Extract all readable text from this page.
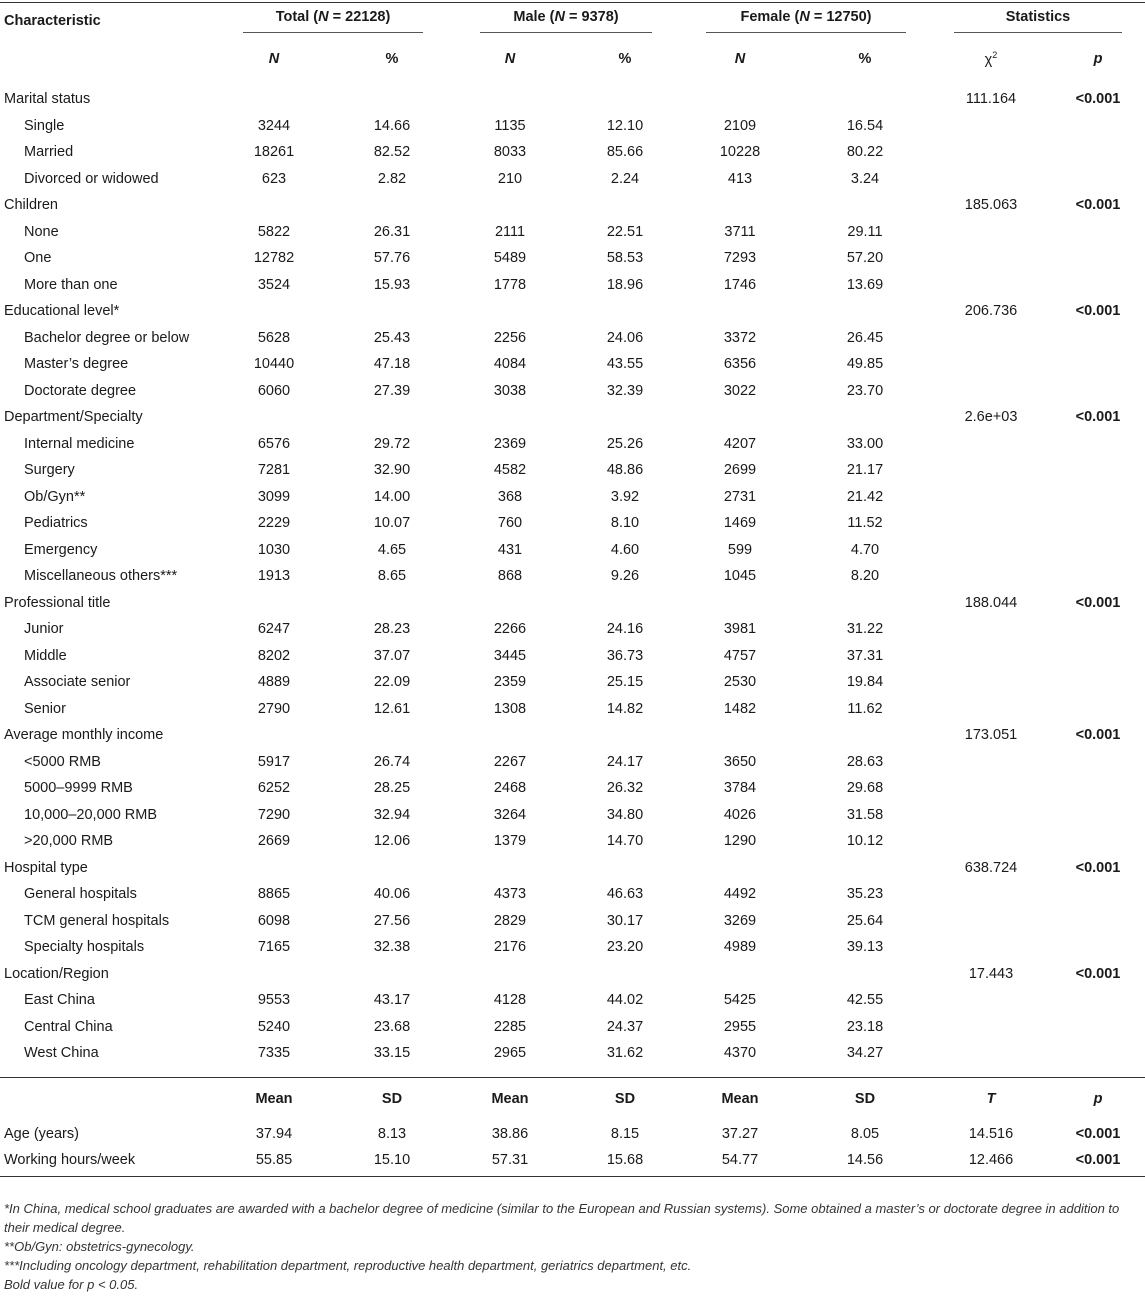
Characteristic	Total (N = 22128)		Male (N = 9378)		Female (N = 12750)		Statistics	
	N	%	N	%	N	%	$\chi^2$	p

Marital status							111.164	<0.001
Single	3244	14.66	1135	12.10	2109	16.54		
Married	18261	82.52	8033	85.66	10228	80.22		
Divorced or widowed	623	2.82	210	2.24	413	3.24		
Children							185.063	<0.001
None	5822	26.31	2111	22.51	3711	29.11		
One	12782	57.76	5489	58.53	7293	57.20		
More than one	3524	15.93	1778	18.96	1746	13.69		
Educational level*							206.736	<0.001
Bachelor degree or below	5628	25.43	2256	24.06	3372	26.45		
Master’s degree	10440	47.18	4084	43.55	6356	49.85		
Doctorate degree	6060	27.39	3038	32.39	3022	23.70		
Department/Specialty							2.6e+03	<0.001
Internal medicine	6576	29.72	2369	25.26	4207	33.00		
Surgery	7281	32.90	4582	48.86	2699	21.17		
Ob/Gyn**	3099	14.00	368	3.92	2731	21.42		
Pediatrics	2229	10.07	760	8.10	1469	11.52		
Emergency	1030	4.65	431	4.60	599	4.70		
Miscellaneous others***	1913	8.65	868	9.26	1045	8.20		
Professional title							188.044	<0.001
Junior	6247	28.23	2266	24.16	3981	31.22		
Middle	8202	37.07	3445	36.73	4757	37.31		
Associate senior	4889	22.09	2359	25.15	2530	19.84		
Senior	2790	12.61	1308	14.82	1482	11.62		
Average monthly income							173.051	<0.001
<5000 RMB	5917	26.74	2267	24.17	3650	28.63		
5000–9999 RMB	6252	28.25	2468	26.32	3784	29.68		
10,000–20,000 RMB	7290	32.94	3264	34.80	4026	31.58		
>20,000 RMB	2669	12.06	1379	14.70	1290	10.12		
Hospital type							638.724	<0.001
General hospitals	8865	40.06	4373	46.63	4492	35.23		
TCM general hospitals	6098	27.56	2829	30.17	3269	25.64		
Specialty hospitals	7165	32.38	2176	23.20	4989	39.13		
Location/Region							17.443	<0.001
East China	9553	43.17	4128	44.02	5425	42.55		
Central China	5240	23.68	2285	24.37	2955	23.18		
West China	7335	33.15	2965	31.62	4370	34.27		

	Mean	SD	Mean	SD	Mean	SD	T	p
Age (years)	37.94	8.13	38.86	8.15	37.27	8.05	14.516	<0.001
Working hours/week	55.85	15.10	57.31	15.68	54.77	14.56	12.466	<0.001

*In China, medical school graduates are awarded with a bachelor degree of medicine (similar to the European and Russian systems). Some obtained a master’s or doctorate degree in addition to their medical degree.

**Ob/Gyn: obstetrics-gynecology.

***Including oncology department, rehabilitation department, reproductive health department, geriatrics department, etc.

Bold value for p < 0.05.
